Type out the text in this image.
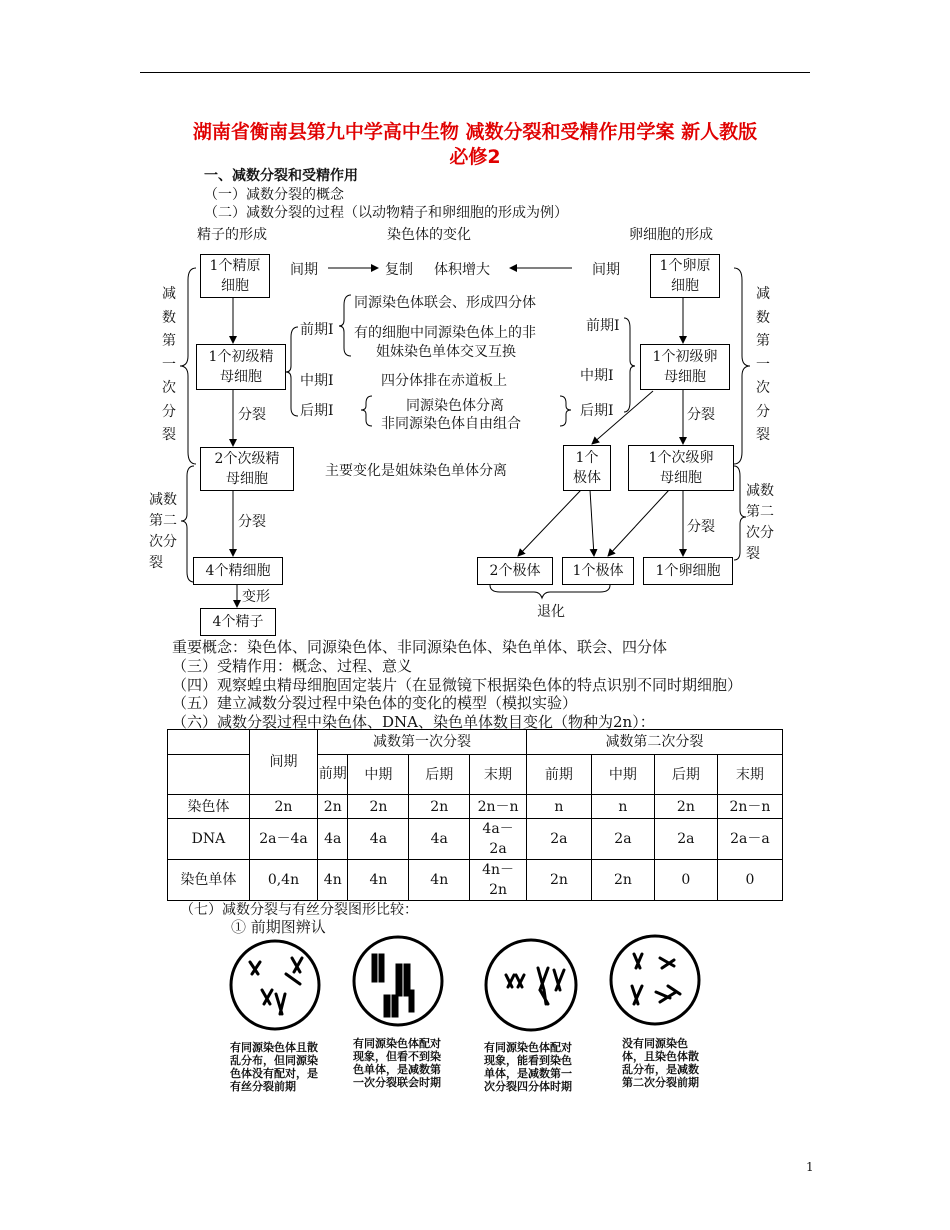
湖南省衡南县第九中学高中生物 减数分裂和受精作用学案 新人教版
必修2
一、减数分裂和受精作用
（一）减数分裂的概念
（二）减数分裂的过程（以动物精子和卵细胞的形成为例）
精子的形成	染色体的变化	卵细胞的形成
间期	复制 体积增大	间期
减
数
第
一
次
分
裂
减
数
第
一
次
分
裂
减数
第二
次分
裂
减数
第二
次分
裂
1个精原
细胞
1个卵原
细胞
1个初级精
母细胞
1个初级卵
母细胞
2个次级精
母细胞
1个
极体
1个次级卵
母细胞
4个精细胞
4个精子
2个极体	1个极体	1个卵细胞
前期Ⅰ
中期Ⅰ
后期Ⅰ
前期Ⅰ
中期Ⅰ
后期Ⅰ
同源染色体联会、形成四分体
有的细胞中同源染色体上的非
姐妹染色单体交叉互换
四分体排在赤道板上
同源染色体分离
非同源染色体自由组合
主要变化是姐妹染色单体分离
分裂
分裂
分裂
分裂
变形
退化
重要概念：染色体、同源染色体、非同源染色体、染色单体、联会、四分体
（三）受精作用：概念、过程、意义
（四）观察蝗虫精母细胞固定装片（在显微镜下根据染色体的特点识别不同时期细胞）
（五）建立减数分裂过程中染色体的变化的模型（模拟实验）
（六）减数分裂过程中染色体、DNA、染色单体数目变化（物种为2n）：
	间期	减数第一次分裂				减数第二次分裂			
		前期	中期	后期	末期	前期	中期	后期	末期
染色体	2n	2n	2n	2n	2n－n	n	n	2n	2n－n
DNA	2a－4a	4a	4a	4a	4a－2a	2a	2a	2a	2a－a
染色单体	0,4n	4n	4n	4n	4n－2n	2n	2n	0	0
（七）减数分裂与有丝分裂图形比较：
① 前期图辨认
有同源染色体且散乱分布，但同源染色体没有配对，是有丝分裂前期
有同源染色体配对现象，但看不到染色单体，是减数第一次分裂联会时期
有同源染色体配对现象，能看到染色单体，是减数第一次分裂四分体时期
没有同源染色体，且染色体散乱分布，是减数第二次分裂前期
1
